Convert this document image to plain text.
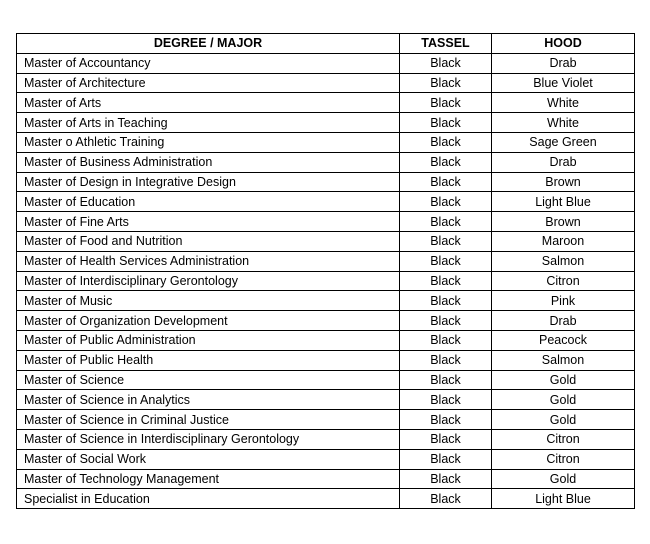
DEGREE / MAJOR	TASSEL	HOOD
Master of Accountancy	Black	Drab
Master of Architecture	Black	Blue Violet
Master of Arts	Black	White
Master of Arts in Teaching	Black	White
Master o Athletic Training	Black	Sage Green
Master of Business Administration	Black	Drab
Master of Design in Integrative Design	Black	Brown
Master of Education	Black	Light Blue
Master of Fine Arts	Black	Brown
Master of Food and Nutrition	Black	Maroon
Master of Health Services Administration	Black	Salmon
Master of Interdisciplinary Gerontology	Black	Citron
Master of Music	Black	Pink
Master of Organization Development	Black	Drab
Master of Public Administration	Black	Peacock
Master of Public Health	Black	Salmon
Master of Science	Black	Gold
Master of Science in Analytics	Black	Gold
Master of Science in Criminal Justice	Black	Gold
Master of Science in Interdisciplinary Gerontology	Black	Citron
Master of Social Work	Black	Citron
Master of Technology Management	Black	Gold
Specialist in Education	Black	Light Blue
